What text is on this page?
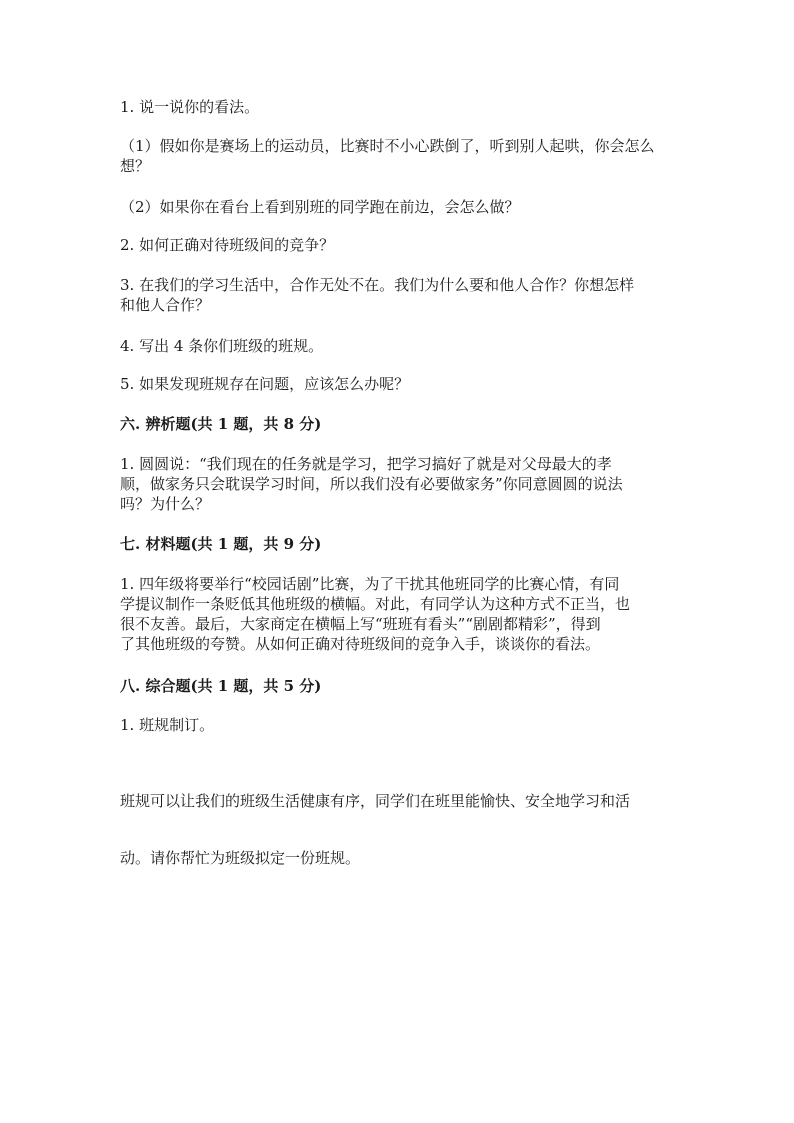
1. 说一说你的看法。
（1）假如你是赛场上的运动员，比赛时不小心跌倒了，听到别人起哄，你会怎么
想？
（2）如果你在看台上看到别班的同学跑在前边，会怎么做？
2. 如何正确对待班级间的竞争？
3. 在我们的学习生活中，合作无处不在。我们为什么要和他人合作？你想怎样
和他人合作？
4. 写出 4 条你们班级的班规。
5. 如果发现班规存在问题，应该怎么办呢？
六. 辨析题(共 1 题，共 8 分)
1. 圆圆说：“我们现在的任务就是学习，把学习搞好了就是对父母最大的孝
顺，做家务只会耽误学习时间，所以我们没有必要做家务”你同意圆圆的说法
吗？为什么？
七. 材料题(共 1 题，共 9 分)
1. 四年级将要举行“校园话剧”比赛，为了干扰其他班同学的比赛心情，有同
学提议制作一条贬低其他班级的横幅。对此，有同学认为这种方式不正当，也
很不友善。最后，大家商定在横幅上写“班班有看头”“剧剧都精彩”，得到
了其他班级的夸赞。从如何正确对待班级间的竞争入手，谈谈你的看法。
八. 综合题(共 1 题，共 5 分)
1. 班规制订。
班规可以让我们的班级生活健康有序，同学们在班里能愉快、安全地学习和活
动。请你帮忙为班级拟定一份班规。
